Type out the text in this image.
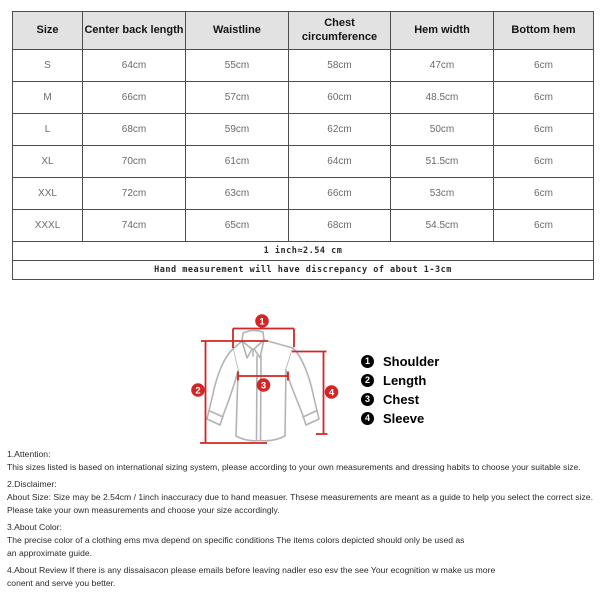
Size	Center back length	Waistline	Chest circumference	Hem width	Bottom hem
S	64cm	55cm	58cm	47cm	6cm
M	66cm	57cm	60cm	48.5cm	6cm
L	68cm	59cm	62cm	50cm	6cm
XL	70cm	61cm	64cm	51.5cm	6cm
XXL	72cm	63cm	66cm	53cm	6cm
XXXL	74cm	65cm	68cm	54.5cm	6cm
1 inch≈2.54 cm					
Hand measurement will have discrepancy of about 1-3cm					
1
2	3
4
1	Shoulder
2	Length
3	Chest
4	Sleeve
1.Attention:
This sizes listed is based on international sizing system, please according to your own measurements and dressing habits to choose your suitable size.
2.Disclaimer:
About Size: Size may be 2.54cm / 1inch inaccuracy due to hand measuer. Thsese measurements are meant as a guide to help you select the correct size.
Please take your own measurements and choose your size accordingly.
3.About Color:
The precise color of a clothing ems mva depend on specific conditions The items colors depicted should only be used as
an approximate guide.
4.About Review If there is any dissaisacon please emails before leaving nadler eso esv the see Your ecognition w make us more
conent and serve you better.
